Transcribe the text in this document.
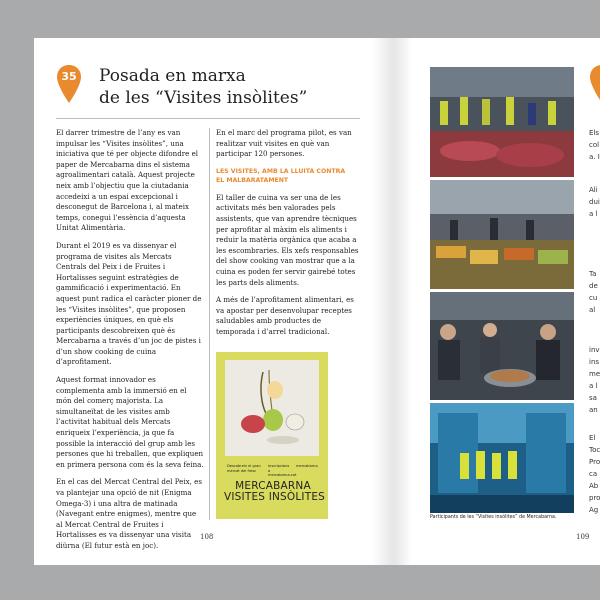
35	Posada en marxa
de les “Visites insòlites”

El darrer trimestre de l’any es van impulsar les “Visites insòlites”, una iniciativa que té per objecte difondre el paper de Mercabarna dins el sistema agroalimentari català. Aquest projecte neix amb l’objectiu que la ciutadania accedeixi a un espai excepcional i desconegut de Barcelona i, al mateix temps, conegui l’essència d’aquesta Unitat Alimentària.

Durant el 2019 es va dissenyar el programa de visites als Mercats Centrals del Peix i de Fruites i Hortalisses seguint estratègies de gammificació i experimentació. En aquest punt radica el caràcter pioner de les “Visites insòlites”, que proposen experiències úniques, en què els participants descobreixen què és Mercabarna a través d’un joc de pistes i d’un show cooking de cuina d’aprofitament.

Aquest format innovador es complementa amb la immersió en el món del comerç majorista. La simultaneïtat de les visites amb l’activitat habitual dels Mercats enriqueix l’experiència, ja que fa possible la interacció del grup amb les persones que hi treballen, que expliquen en primera persona com és la seva feina.

En el cas del Mercat Central del Peix, es va plantejar una opció de nit (Enigma Omega-3) i una altra de matinada (Navegant entre enigmes), mentre que al Mercat Central de Fruites i Hortalisses es va dissenyar una visita diürna (El futur està en joc).

En el marc del programa pilot, es van realitzar vuit visites en què van participar 120 persones.

LES VISITES, AMB LA LLUITA CONTRA
EL MALBARATAMENT

El taller de cuina va ser una de les activitats més ben valorades pels assistents, que van aprendre tècniques per aprofitar al màxim els aliments i reduir la matèria orgànica que acaba a les escombraries. Els xefs responsables del show cooking van mostrar que a la cuina es poden fer servir gairebé totes les parts dels aliments.

A més de l’aprofitament alimentari, es va apostar per desenvolupar receptes saludables amb productes de temporada i d’arrel tradicional.

Descobreix el gran mercat del fresc
Inscripcions a mercabarna.cat
mercabarna
MERCABARNA
VISITES INSÒLITES
108
Participants de les “Visites insòlites” de Mercabarna.
109
Els
col
a. I
Ali
dui
a l
Ta
de
cu
al
inv
ins
me
a l
sa
an
El
Toc
Pro
ca
Ab
pro
Ag
